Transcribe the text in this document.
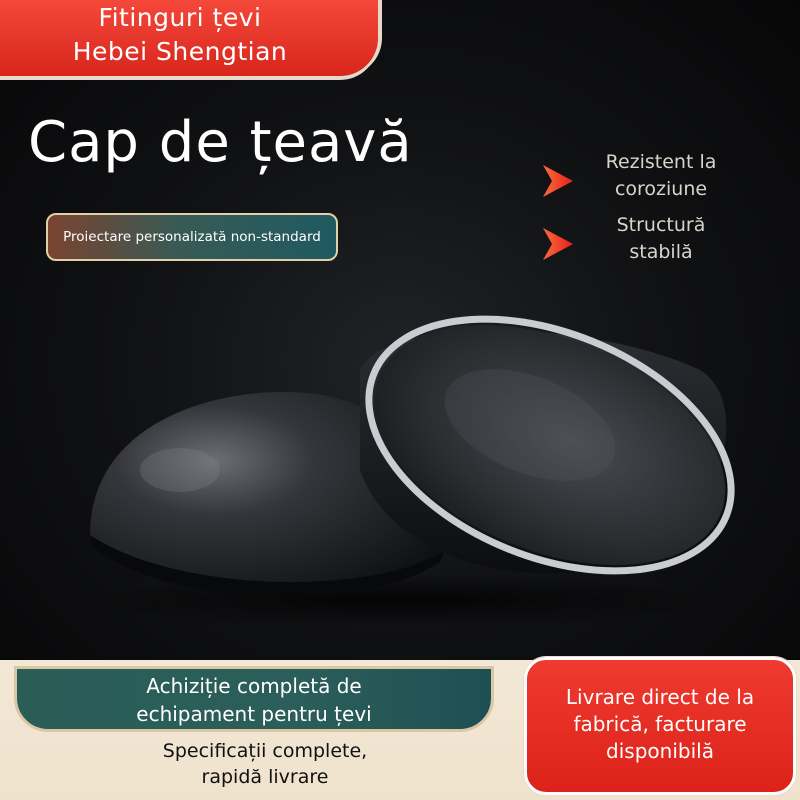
Fitinguri țevi
Hebei Shengtian
Cap de țeavă
Proiectare personalizată non-standard
Rezistent la
coroziune
Structură
stabilă
Achiziție completă de
echipament pentru țevi
Specificații complete,
rapidă livrare
Livrare direct de la
fabrică, facturare
disponibilă
